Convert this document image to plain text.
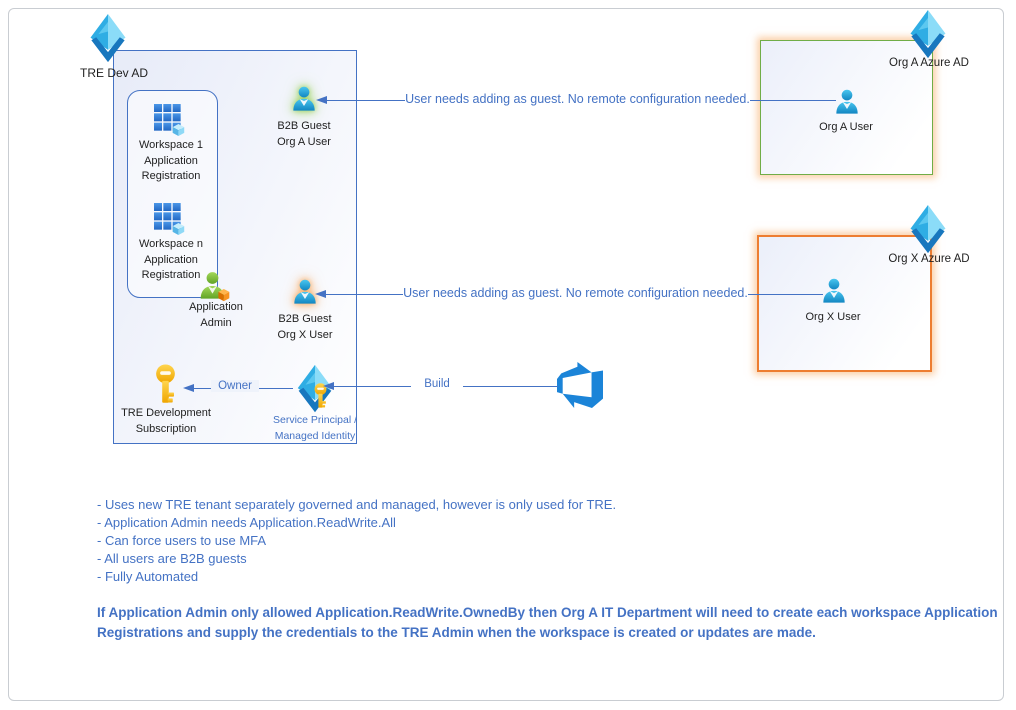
TRE Dev AD
Workspace 1
Application
Registration
Workspace n
Application
Registration
Application
Admin
B2B Guest
Org A User
B2B Guest
Org X User
TRE Development
Subscription
Service Principal /
Managed Identity
Org A Azure AD
Org A User
Org X Azure AD
Org X User
User needs adding as guest. No remote configuration needed.
User needs adding as guest. No remote configuration needed.
Build
Owner
- Uses new TRE tenant separately governed and managed, however is only used for TRE.
- Application Admin needs Application.ReadWrite.All
- Can force users to use MFA
- All users are B2B guests
- Fully Automated
If Application Admin only allowed Application.ReadWrite.OwnedBy then Org A IT Department will need to create each workspace Application
Registrations and supply the credentials to the TRE Admin when the workspace is created or updates are made.
